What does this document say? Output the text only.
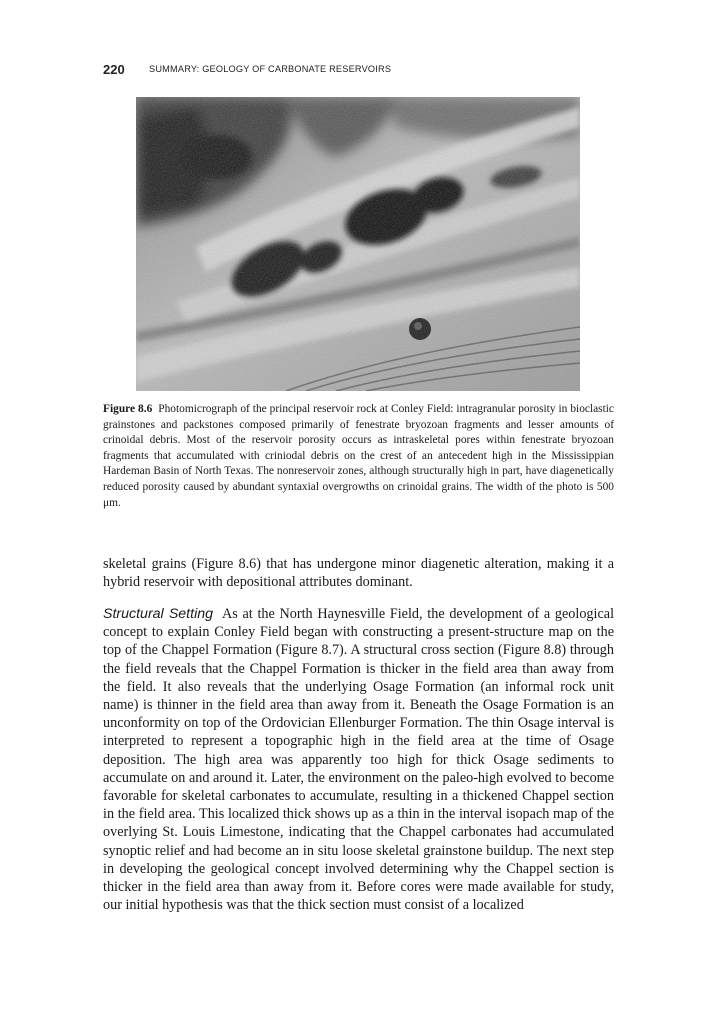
220	SUMMARY: GEOLOGY OF CARBONATE RESERVOIRS
Figure 8.6 Photomicrograph of the principal reservoir rock at Conley Field: intragranular porosity in bioclastic grainstones and packstones composed primarily of fenestrate bryozoan fragments and lesser amounts of crinoidal debris. Most of the reservoir porosity occurs as intraskeletal pores within fenestrate bryozoan fragments that accumulated with criniodal debris on the crest of an antecedent high in the Mississippian Hardeman Basin of North Texas. The nonreservoir zones, although structurally high in part, have diagenetically reduced porosity caused by abundant syntaxial overgrowths on crinoidal grains. The width of the photo is 500 μm.
skeletal grains (Figure 8.6) that has undergone minor diagenetic alteration, making it a hybrid reservoir with depositional attributes dominant.
Structural Setting As at the North Haynesville Field, the development of a geological concept to explain Conley Field began with constructing a present-structure map on the top of the Chappel Formation (Figure 8.7). A structural cross section (Figure 8.8) through the field reveals that the Chappel Formation is thicker in the field area than away from the field. It also reveals that the underlying Osage Formation (an informal rock unit name) is thinner in the field area than away from it. Beneath the Osage Formation is an unconformity on top of the Ordovician Ellenburger Formation. The thin Osage interval is interpreted to represent a topographic high in the field area at the time of Osage deposition. The high area was apparently too high for thick Osage sediments to accumulate on and around it. Later, the environment on the paleo-high evolved to become favorable for skeletal carbonates to accumulate, resulting in a thickened Chappel section in the field area. This localized thick shows up as a thin in the interval isopach map of the overlying St. Louis Limestone, indicating that the Chappel carbonates had accumulated synoptic relief and had become an in situ loose skeletal grainstone buildup. The next step in developing the geological concept involved determining why the Chappel section is thicker in the field area than away from it. Before cores were made available for study, our initial hypothesis was that the thick section must consist of a localized
